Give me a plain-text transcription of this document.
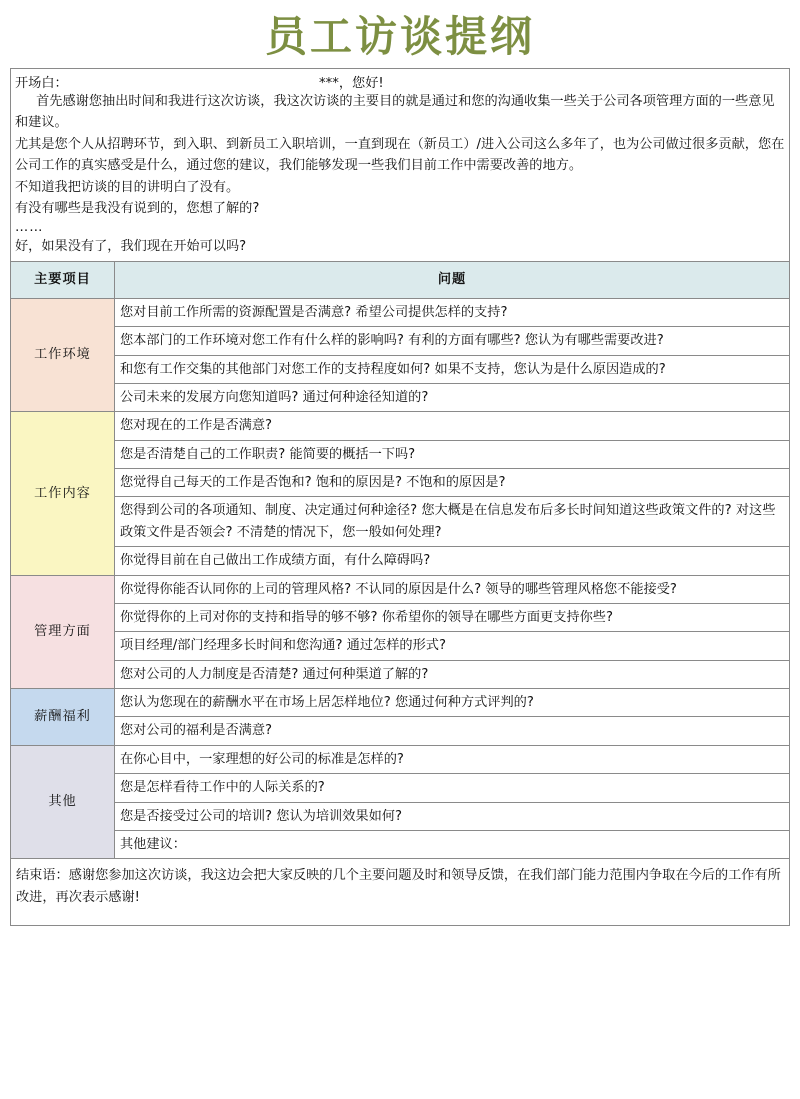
员工访谈提纲
开场白：	***，您好!
首先感谢您抽出时间和我进行这次访谈，我这次访谈的主要目的就是通过和您的沟通收集一些关于公司各项管理方面的一些意见和建议。
尤其是您个人从招聘环节，到入职、到新员工入职培训，一直到现在（新员工）/进入公司这么多年了，也为公司做过很多贡献，您在公司工作的真实感受是什么，通过您的建议，我们能够发现一些我们目前工作中需要改善的地方。
不知道我把访谈的目的讲明白了没有。
有没有哪些是我没有说到的，您想了解的?
……
好，如果没有了，我们现在开始可以吗?
主要项目	问题
工作环境	您对目前工作所需的资源配置是否满意? 希望公司提供怎样的支持?
	您本部门的工作环境对您工作有什么样的影响吗? 有利的方面有哪些? 您认为有哪些需要改进?
	和您有工作交集的其他部门对您工作的支持程度如何? 如果不支持，您认为是什么原因造成的?
	公司未来的发展方向您知道吗? 通过何种途径知道的?
工作内容	您对现在的工作是否满意?
	您是否清楚自己的工作职责? 能简要的概括一下吗?
	您觉得自己每天的工作是否饱和? 饱和的原因是? 不饱和的原因是?
	您得到公司的各项通知、制度、决定通过何种途径? 您大概是在信息发布后多长时间知道这些政策文件的? 对这些政策文件是否领会? 不清楚的情况下，您一般如何处理?
	你觉得目前在自己做出工作成绩方面，有什么障碍吗?
管理方面	你觉得你能否认同你的上司的管理风格? 不认同的原因是什么? 领导的哪些管理风格您不能接受?
	你觉得你的上司对你的支持和指导的够不够? 你希望你的领导在哪些方面更支持你些?
	项目经理/部门经理多长时间和您沟通? 通过怎样的形式?
	您对公司的人力制度是否清楚? 通过何种渠道了解的?
薪酬福利	您认为您现在的薪酬水平在市场上居怎样地位? 您通过何种方式评判的?
	您对公司的福利是否满意?
其他	在你心目中，一家理想的好公司的标准是怎样的?
	您是怎样看待工作中的人际关系的?
	您是否接受过公司的培训? 您认为培训效果如何?
	其他建议：
结束语：感谢您参加这次访谈，我这边会把大家反映的几个主要问题及时和领导反馈，在我们部门能力范围内争取在今后的工作有所改进，再次表示感谢!
